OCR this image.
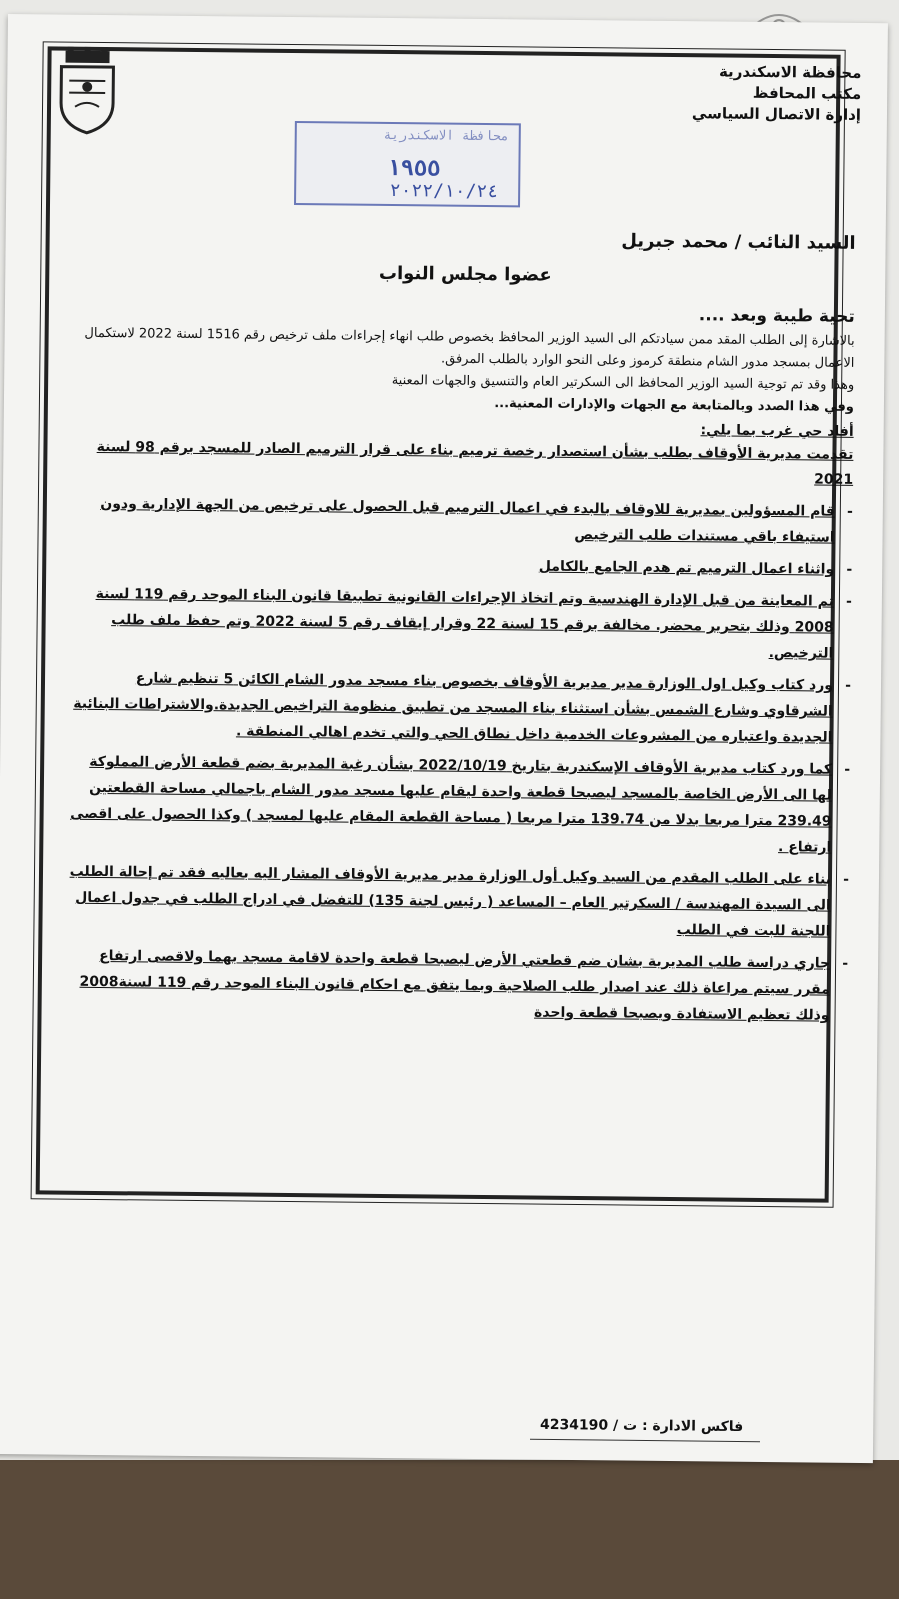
محافظة الاسكندرية
مكتب المحافظ
إدارة الاتصال السياسي
محافظة الاسكندرية
١٩٥٥
٢٠٢٢/١٠/٢٤

السيد النائب / محمد جبريل

عضوا مجلس النواب

تحية طيبة وبعد ....

بالاشارة إلى الطلب المقد ممن سيادتكم الى السيد الوزير المحافظ بخصوص طلب انهاء إجراءات ملف ترخيص رقم 1516 لسنة 2022 لاستكمال الاعمال بمسجد مدور الشام منطقة كرموز وعلى النحو الوارد بالطلب المرفق.

وهذا وقد تم توجية السيد الوزير المحافظ الى السكرتير العام والتنسيق والجهات المعنية

وفي هذا الصدد وبالمتابعة مع الجهات والإدارات المعنية...

أفاد حي غرب بما يلي:

تقدمت مديرية الأوقاف بطلب بشأن استصدار رخصة ترميم بناء على قرار الترميم الصادر للمسجد برقم 98 لسنة 2021

- قام المسؤولين بمديرية للاوقاف بالبدء في اعمال الترميم قبل الحصول على ترخيص من الجهة الإدارية ودون استيفاء باقي مستندات طلب الترخيص

- واثناء اعمال الترميم تم هدم الجامع بالكامل

- تم المعاينة من قبل الإدارة الهندسية وتم اتخاذ الإجراءات القانونية تطبيقا قانون البناء الموحد رقم 119 لسنة 2008 وذلك بتحرير محضر. مخالفة برقم 15 لسنة 22 وقرار إيقاف رقم 5 لسنة 2022 وتم حفظ ملف طلب الترخيص.

- ورد كتاب وكيل اول الوزارة مدير مديرية الأوقاف بخصوص بناء مسجد مدور الشام الكائن 5 تنظيم شارع الشرقاوي وشارع الشمس بشأن استثناء بناء المسجد من تطبيق منظومة التراخيص الجديدة.والاشتراطات البنائية الجديدة واعتباره من المشروعات الخدمية داخل نطاق الحي والتي تخدم اهالي المنطقة .

- كما ورد كتاب مديرية الأوقاف الإسكندرية بتاريخ 2022/10/19 بشأن رغبة المديرية بضم قطعة الأرض المملوكة لها الى الأرض الخاصة بالمسجد ليصبحا قطعة واحدة ليقام عليها مسجد مدور الشام باجمالي مساحة القطعتين 239.49 مترا مربعا بدلا من 139.74 مترا مربعا ( مساحة القطعة المقام عليها لمسجد ) وكذا الحصول على اقصى ارتفاع .

- بناء على الطلب المقدم من السيد وكيل أول الوزارة مدير مديرية الأوقاف المشار اليه بعاليه فقد تم إحالة الطلب الى السيدة المهندسة / السكرتير العام – المساعد ( رئيس لجنة 135) للتفضل في ادراج الطلب في جدول اعمال اللجنة للبت في الطلب

- جاري دراسة طلب المديرية بشان ضم قطعتي الأرض ليصبحا قطعة واحدة لاقامة مسجد بهما ولاقصى ارتفاع مقرر سيتم مراعاة ذلك عند اصدار طلب الصلاحية وبما يتفق مع احكام قانون البناء الموحد رقم 119 لسنة2008 وذلك تعظيم الاستفادة ويصبحا قطعة واحدة

فاكس الادارة : ت / 4234190
